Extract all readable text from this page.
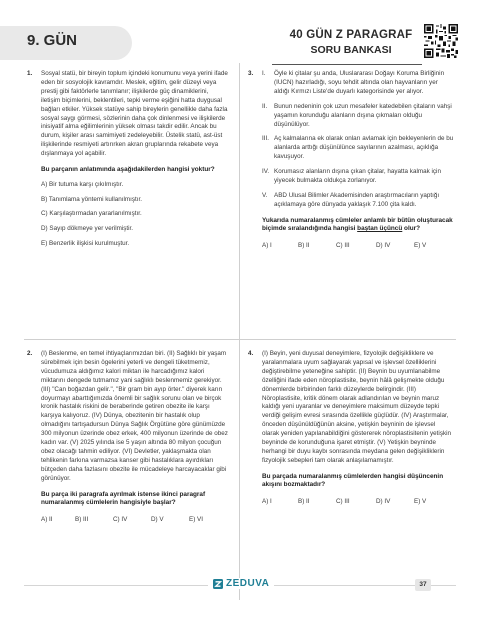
9. GÜN	40 GÜN Z PARAGRAF
SORU BANKASI
1. Sosyal statü, bir bireyin toplum içindeki konumunu veya yerini ifade eden bir sosyolojik kavramdır. Meslek, eğitim, gelir düzeyi veya prestij gibi faktörlerle tanımlanır; ilişkilerde güç dinamiklerini, iletişim biçimlerini, beklentileri, tepki verme eşiğini hatta duygusal bağları etkiler. Yüksek statüye sahip bireylerin genellikle daha fazla sosyal saygı görmesi, sözlerinin daha çok dinlenmesi ve ilişkilerde inisiyatif alma eğilimlerinin yüksek olması takdir edilir. Ancak bu durum, kişiler arası samimiyeti zedeleyebilir. Üstelik statü, ast-üst ilişkilerinde resmiyeti artırırken akran gruplarında rekabete veya dışlanmaya yol açabilir.
Bu parçanın anlatımında aşağıdakilerden hangisi yoktur?
A) Bir tutuma karşı çıkılmıştır.
B) Tanımlama yöntemi kullanılmıştır.
C) Karşılaştırmadan yararlanılmıştır.
D) Sayıp dökmeye yer verilmiştir.
E) Benzerlik ilişkisi kurulmuştur.
3. I.	Öyle ki çitalar şu anda, Uluslararası Doğayı Koruma Birliğinin (IUCN) hazırladığı, soyu tehdit altında olan hayvanların yer aldığı Kırmızı Liste'de duyarlı kategorisinde yer alıyor.
II.	Bunun nedeninin çok uzun mesafeler katedebilen çitaların vahşi yaşamın korunduğu alanların dışına çıkmaları olduğu düşünülüyor.
III. Aç kalmalarına ek olarak onları avlamak için bekleyenlerin de bu alanlarda arttığı düşünülünce sayılarının azalması, açıklığa kavuşuyor.
IV. Korumasız alanların dışına çıkan çitalar, hayatta kalmak için yiyecek bulmakta oldukça zorlanıyor.
V.	ABD Ulusal Bilimler Akademisinden araştırmacıların yaptığı açıklamaya göre dünyada yaklaşık 7.100 çita kaldı.
Yukarıda numaralanmış cümleler anlamlı bir bütün oluşturacak biçimde sıralandığında hangisi baştan üçüncü olur?
A) I	B) II	C) III	D) IV	E) V
2. (I) Beslenme, en temel ihtiyaçlarımızdan biri. (II) Sağlıklı bir yaşam sürebilmek için besin ögelerini yeterli ve dengeli tüketmemiz, vücudumuza aldığımız kalori miktarı ile harcadığımız kalori miktarını dengede tutmamız yani sağlıklı beslenmemiz gerekiyor. (III) "Can boğazdan gelir.", "Bir gram bin ayıp örter." diyerek karın doyurmayı abarttığımızda önemli bir sağlık sorunu olan ve birçok kronik hastalık riskini de beraberinde getiren obezite ile karşı karşıya kalıyoruz. (IV) Dünya, obezitenin bir hastalık olup olmadığını tartışadursun Dünya Sağlık Örgütüne göre günümüzde 300 milyonun üzerinde obez erkek, 400 milyonun üzerinde de obez kadın var. (V) 2025 yılında ise 5 yaşın altında 80 milyon çocuğun obez olacağı tahmin ediliyor. (VI) Devletler, yaklaşmakta olan tehlikenin farkına varmazsa kanser gibi hastalıklara ayırdıkları bütçeden daha fazlasını obezite ile mücadeleye harcayacaklar gibi görünüyor.
Bu parça iki paragrafa ayrılmak istense ikinci paragraf numaralanmış cümlelerin hangisiyle başlar?
A) II	B) III	C) IV	D) V	E) VI
4. (I) Beyin, yeni duyusal deneyimlere, fizyolojik değişikliklere ve yaralanmalara uyum sağlayarak yapısal ve işlevsel özelliklerini değiştirebilme yeteneğine sahiptir. (II) Beynin bu uyumlanabilme özelliğini ifade eden nöroplastisite, beynin hâlâ gelişmekte olduğu dönemlerde birbirinden farklı düzeylerde belirgindir. (III) Nöroplastisite, kritik dönem olarak adlandırılan ve beynin maruz kaldığı yeni uyaranlar ve deneyimlere maksimum düzeyde tepki verdiği gelişim evresi sırasında özellikle güçlüdür. (IV) Araştırmalar, önceden düşünüldüğünün aksine, yetişkin beyninin de işlevsel olarak yeniden yapılanabildiğini göstererek nöroplastisitenin yetişkin beyninde de korunduğuna işaret etmiştir. (V) Yetişkin beyninde herhangi bir duyu kaybı sonrasında meydana gelen değişikliklerin fizyolojik sebepleri tam olarak anlaşılamamıştır.
Bu parçada numaralanmış cümlelerden hangisi düşüncenin akışını bozmaktadır?
A) I	B) II	C) III	D) IV	E) V
ZEDUVA	37
